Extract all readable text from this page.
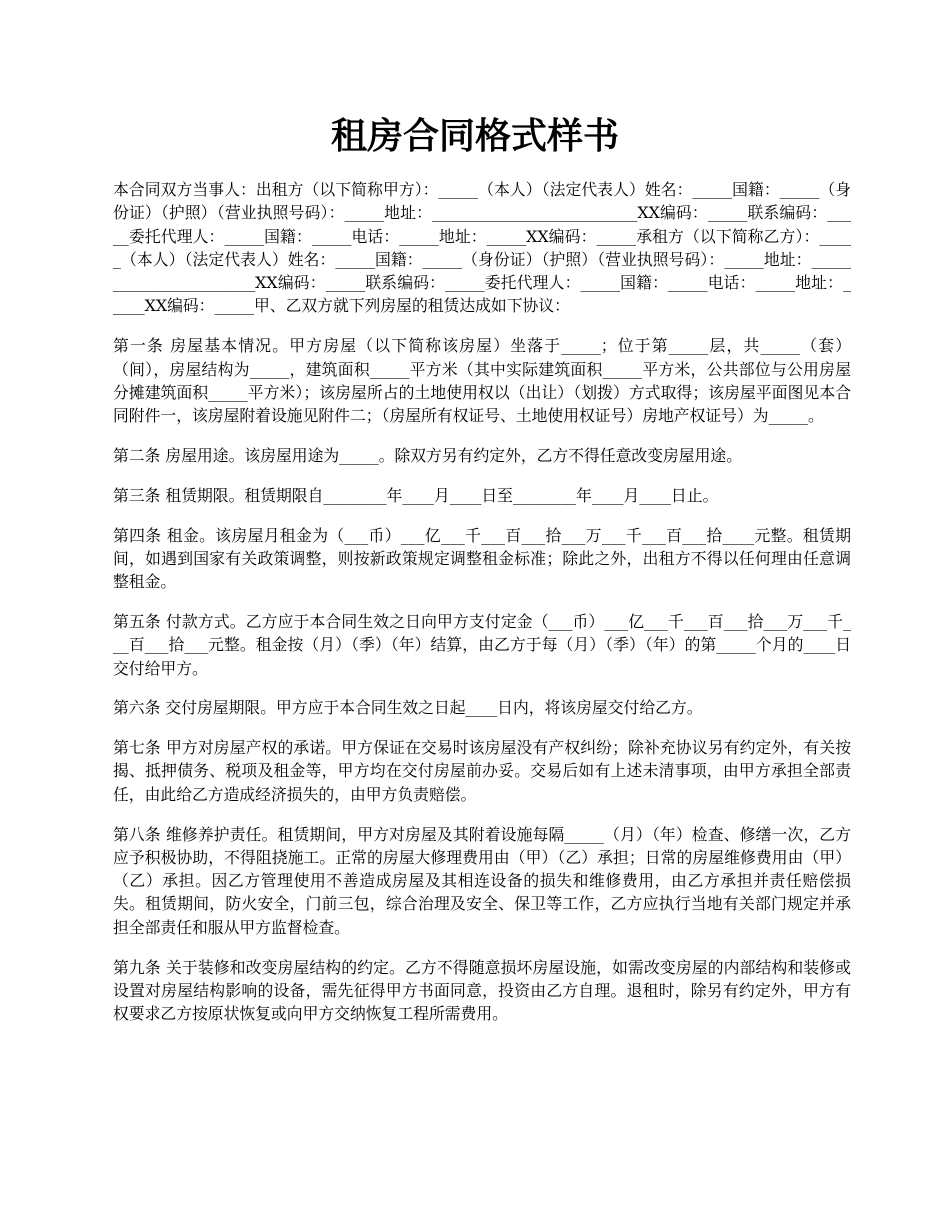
租房合同格式样书

本合同双方当事人：出租方（以下简称甲方）：_____（本人）（法定代表人）姓名：_____国籍：_____（身份证）（护照）（营业执照号码）：_____地址：__________________________XX编码：_____联系编码：_____委托代理人：_____国籍：_____电话：_____地址：_____XX编码：_____承租方（以下简称乙方）：_____（本人）（法定代表人）姓名：_____国籍：_____（身份证）（护照）（营业执照号码）：_____地址：_______________________XX编码：_____联系编码：_____委托代理人：_____国籍：_____电话：_____地址：_____XX编码：_____甲、乙双方就下列房屋的租赁达成如下协议：

第一条 房屋基本情况。甲方房屋（以下简称该房屋）坐落于_____；位于第_____层，共_____（套）（间），房屋结构为_____，建筑面积_____平方米（其中实际建筑面积_____平方米，公共部位与公用房屋分摊建筑面积_____平方米）；该房屋所占的土地使用权以（出让）（划拨）方式取得；该房屋平面图见本合同附件一，该房屋附着设施见附件二；（房屋所有权证号、土地使用权证号）房地产权证号）为_____。

第二条 房屋用途。该房屋用途为_____。除双方另有约定外，乙方不得任意改变房屋用途。

第三条 租赁期限。租赁期限自________年____月____日至________年____月____日止。

第四条 租金。该房屋月租金为（___币）___亿___千___百___拾___万___千___百___拾____元整。租赁期间，如遇到国家有关政策调整，则按新政策规定调整租金标准；除此之外，出租方不得以任何理由任意调整租金。

第五条 付款方式。乙方应于本合同生效之日向甲方支付定金（___币）___亿___千___百___拾___万___千___百___拾___元整。租金按（月）（季）（年）结算，由乙方于每（月）（季）（年）的第_____个月的____日交付给甲方。

第六条 交付房屋期限。甲方应于本合同生效之日起____日内，将该房屋交付给乙方。

第七条 甲方对房屋产权的承诺。甲方保证在交易时该房屋没有产权纠纷；除补充协议另有约定外，有关按揭、抵押债务、税项及租金等，甲方均在交付房屋前办妥。交易后如有上述未清事项，由甲方承担全部责任，由此给乙方造成经济损失的，由甲方负责赔偿。

第八条 维修养护责任。租赁期间，甲方对房屋及其附着设施每隔_____（月）（年）检查、修缮一次，乙方应予积极协助，不得阻挠施工。正常的房屋大修理费用由（甲）（乙）承担；日常的房屋维修费用由（甲）（乙）承担。因乙方管理使用不善造成房屋及其相连设备的损失和维修费用，由乙方承担并责任赔偿损失。租赁期间，防火安全，门前三包，综合治理及安全、保卫等工作，乙方应执行当地有关部门规定并承担全部责任和服从甲方监督检查。

第九条 关于装修和改变房屋结构的约定。乙方不得随意损坏房屋设施，如需改变房屋的内部结构和装修或设置对房屋结构影响的设备，需先征得甲方书面同意，投资由乙方自理。退租时，除另有约定外，甲方有权要求乙方按原状恢复或向甲方交纳恢复工程所需费用。
